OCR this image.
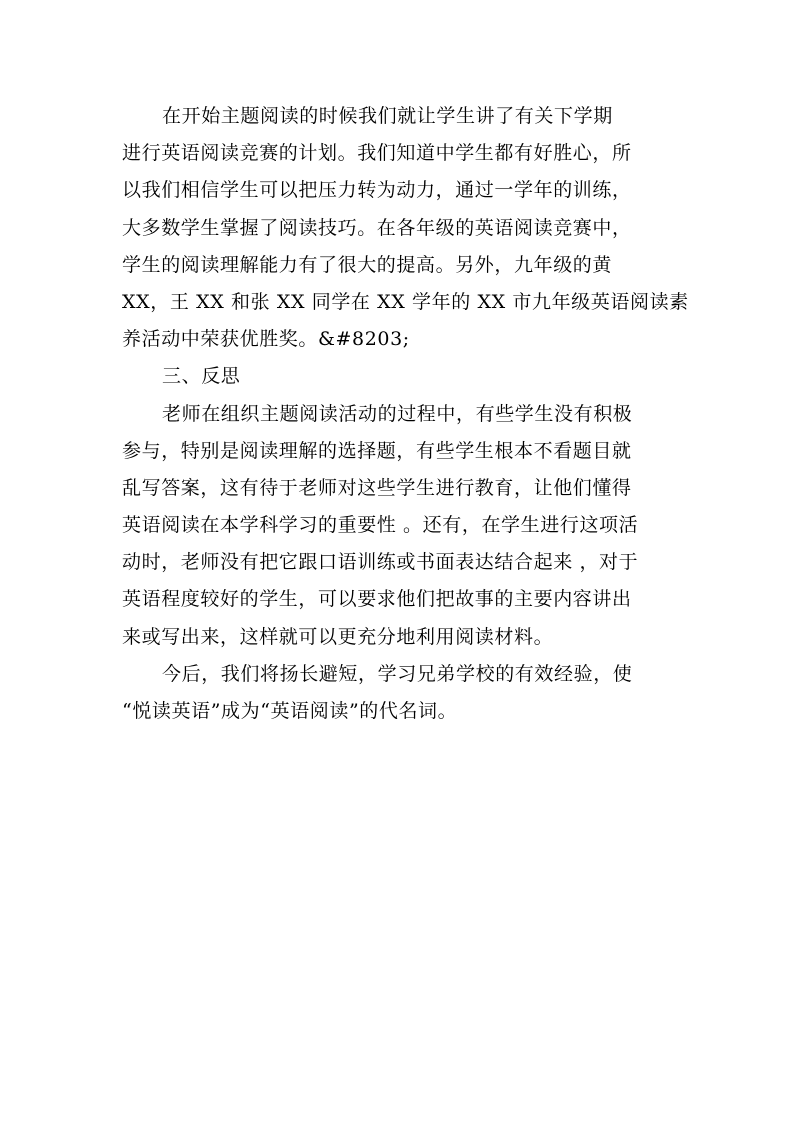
在开始主题阅读的时候我们就让学生讲了有关下学期
进行英语阅读竞赛的计划。我们知道中学生都有好胜心，所
以我们相信学生可以把压力转为动力，通过一学年的训练，
大多数学生掌握了阅读技巧。在各年级的英语阅读竞赛中，
学生的阅读理解能力有了很大的提高。另外，九年级的黄
XX，王 XX 和张 XX 同学在 XX 学年的 XX 市九年级英语阅读素
养活动中荣获优胜奖。&#8203;
三、反思
老师在组织主题阅读活动的过程中，有些学生没有积极
参与，特别是阅读理解的选择题，有些学生根本不看题目就
乱写答案，这有待于老师对这些学生进行教育，让他们懂得
英语阅读在本学科学习的重要性 。还有，在学生进行这项活
动时，老师没有把它跟口语训练或书面表达结合起来 ，对于
英语程度较好的学生，可以要求他们把故事的主要内容讲出
来或写出来，这样就可以更充分地利用阅读材料。
今后，我们将扬长避短，学习兄弟学校的有效经验，使
“悦读英语”成为“英语阅读”的代名词。
